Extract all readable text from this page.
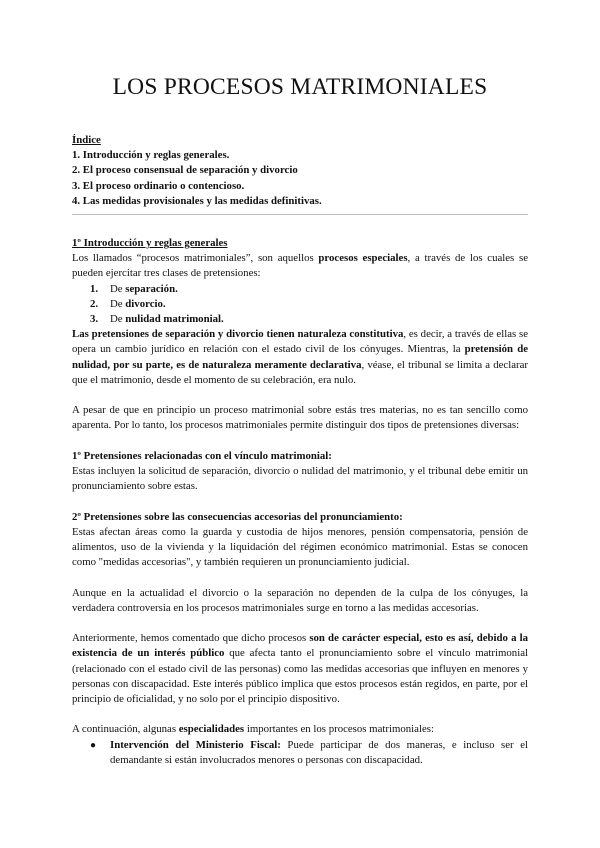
LOS PROCESOS MATRIMONIALES
Índice
1. Introducción y reglas generales.
2. El proceso consensual de separación y divorcio
3. El proceso ordinario o contencioso.
4. Las medidas provisionales y las medidas definitivas.

1º Introducción y reglas generales

Los llamados “procesos matrimoniales”, son aquellos procesos especiales, a través de los cuales se pueden ejercitar tres clases de pretensiones:

1. De separación.
2. De divorcio.
3. De nulidad matrimonial.

Las pretensiones de separación y divorcio tienen naturaleza constitutiva, es decir, a través de ellas se opera un cambio jurídico en relación con el estado civil de los cónyuges. Mientras, la pretensión de nulidad, por su parte, es de naturaleza meramente declarativa, véase, el tribunal se limita a declarar que el matrimonio, desde el momento de su celebración, era nulo.

A pesar de que en principio un proceso matrimonial sobre estás tres materias, no es tan sencillo como aparenta. Por lo tanto, los procesos matrimoniales permite distinguir dos tipos de pretensiones diversas:

1º Pretensiones relacionadas con el vínculo matrimonial:

Estas incluyen la solicitud de separación, divorcio o nulidad del matrimonio, y el tribunal debe emitir un pronunciamiento sobre estas.

2º Pretensiones sobre las consecuencias accesorias del pronunciamiento:

Estas afectan áreas como la guarda y custodia de hijos menores, pensión compensatoria, pensión de alimentos, uso de la vivienda y la liquidación del régimen económico matrimonial. Estas se conocen como "medidas accesorias", y también requieren un pronunciamiento judicial.

Aunque en la actualidad el divorcio o la separación no dependen de la culpa de los cónyuges, la verdadera controversia en los procesos matrimoniales surge en torno a las medidas accesorias.

Anteriormente, hemos comentado que dicho procesos son de carácter especial, esto es así, debido a la existencia de un interés público que afecta tanto el pronunciamiento sobre el vínculo matrimonial (relacionado con el estado civil de las personas) como las medidas accesorias que influyen en menores y personas con discapacidad. Este interés público implica que estos procesos están regidos, en parte, por el principio de oficialidad, y no solo por el principio dispositivo.

A continuación, algunas especialidades importantes en los procesos matrimoniales:

● Intervención del Ministerio Fiscal: Puede participar de dos maneras, e incluso ser el demandante si están involucrados menores o personas con discapacidad.
